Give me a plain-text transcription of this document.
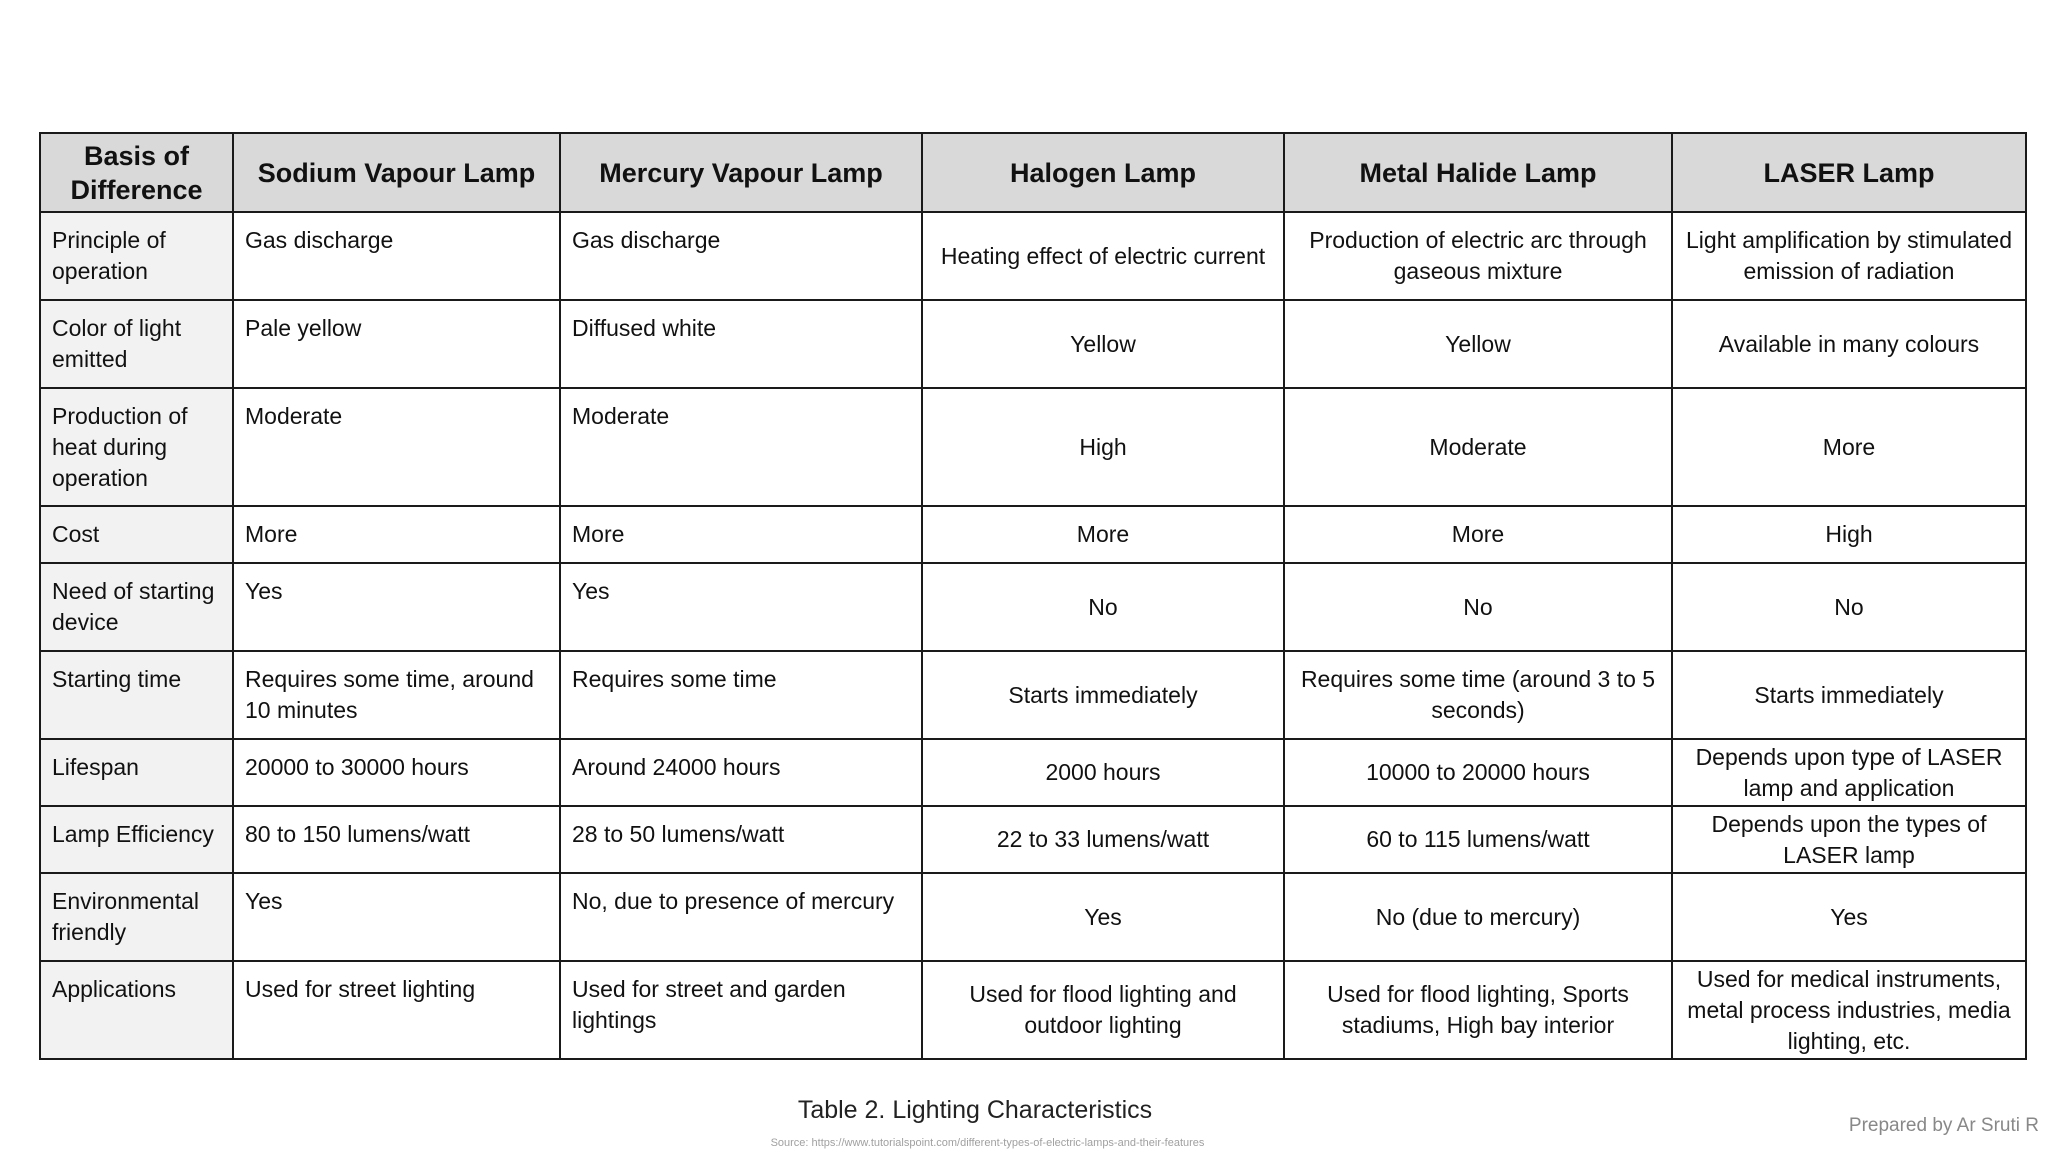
Basis of Difference	Sodium Vapour Lamp	Mercury Vapour Lamp	Halogen Lamp	Metal Halide Lamp	LASER Lamp
Principle of operation	Gas discharge	Gas discharge	Heating effect of electric current	Production of electric arc through gaseous mixture	Light amplification by stimulated emission of radiation
Color of light emitted	Pale yellow	Diffused white	Yellow	Yellow	Available in many colours
Production of heat during operation	Moderate	Moderate	High	Moderate	More
Cost	More	More	More	More	High
Need of starting device	Yes	Yes	No	No	No
Starting time	Requires some time, around 10 minutes	Requires some time	Starts immediately	Requires some time (around 3 to 5 seconds)	Starts immediately
Lifespan	20000 to 30000 hours	Around 24000 hours	2000 hours	10000 to 20000 hours	Depends upon type of LASER lamp and application
Lamp Efficiency	80 to 150 lumens/watt	28 to 50 lumens/watt	22 to 33 lumens/watt	60 to 115 lumens/watt	Depends upon the types of LASER lamp
Environmental friendly	Yes	No, due to presence of mercury	Yes	No (due to mercury)	Yes
Applications	Used for street lighting	Used for street and garden lightings	Used for flood lighting and outdoor lighting	Used for flood lighting, Sports stadiums, High bay interior	Used for medical instruments, metal process industries, media lighting, etc.
Table 2. Lighting Characteristics
Source: https://www.tutorialspoint.com/different-types-of-electric-lamps-and-their-features
Prepared by Ar Sruti R
